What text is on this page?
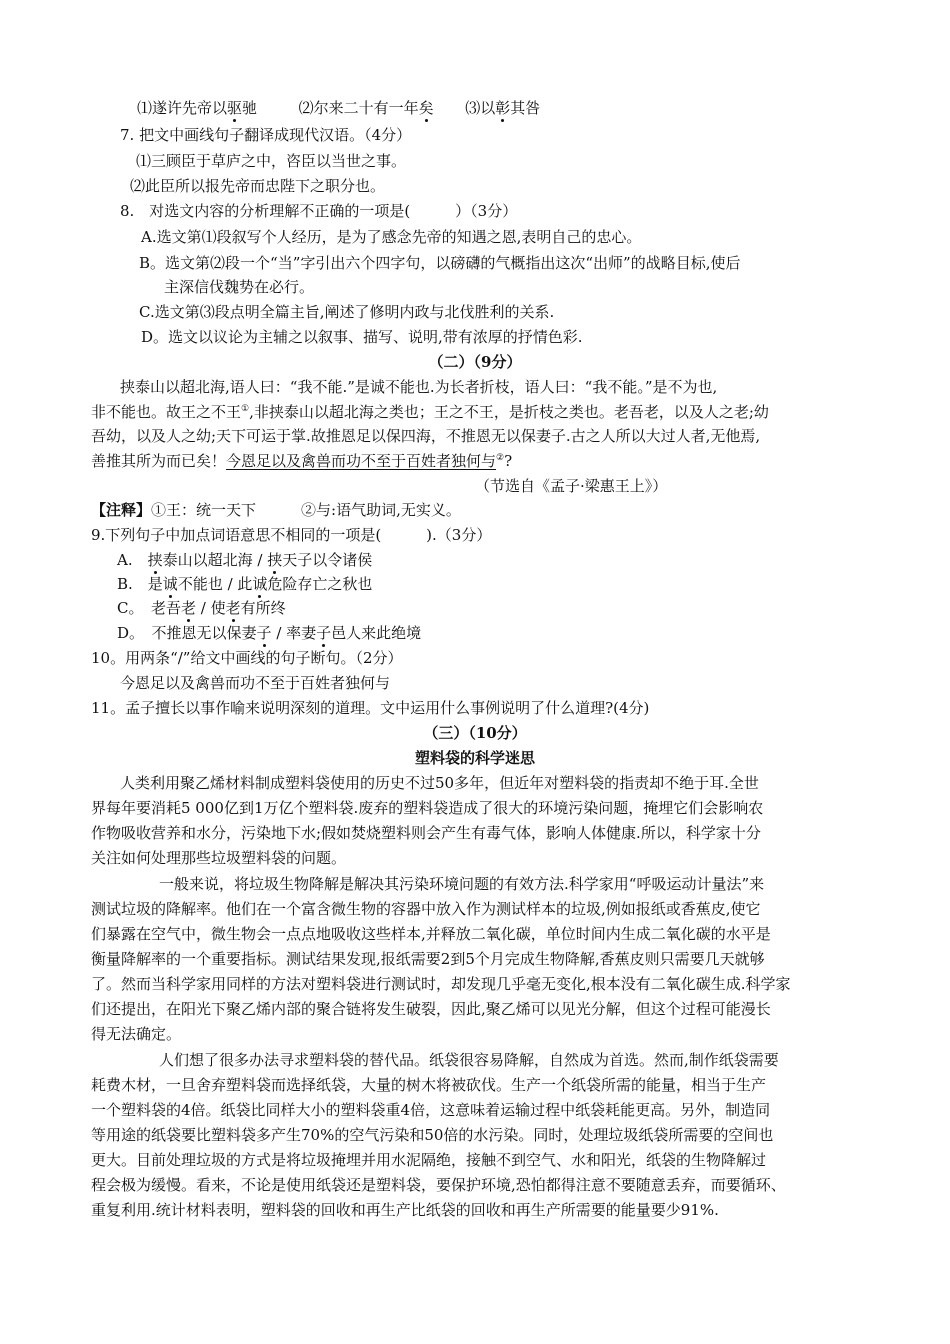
⑴遂许先帝以驱驰	⑵尔来二十有一年矣 ⑶以彰其咎
7. 把文中画线句子翻译成现代汉语。（4分）
⑴三顾臣于草庐之中，咨臣以当世之事。
⑵此臣所以报先帝而忠陛下之职分也。
8.　对选文内容的分析理解不正确的一项是(　　　）（3分）
A.选文第⑴段叙写个人经历，是为了感念先帝的知遇之恩,表明自己的忠心。
B。选文第⑵段一个“当”字引出六个四字句，以磅礴的气概指出这次“出师”的战略目标,使后
主深信伐魏势在必行。
C.选文第⑶段点明全篇主旨,阐述了修明内政与北伐胜利的关系.
D。选文以议论为主辅之以叙事、描写、说明,带有浓厚的抒情色彩.
（二）（9分）
挟泰山以超北海,语人曰：“我不能.”是诚不能也.为长者折枝，语人曰：“我不能。”是不为也,
非不能也。故王之不王①,非挟泰山以超北海之类也；王之不王，是折枝之类也。老吾老，以及人之老;幼
吾幼，以及人之幼;天下可运于掌.故推恩足以保四海，不推恩无以保妻子.古之人所以大过人者,无他焉,
善推其所为而已矣！今恩足以及禽兽而功不至于百姓者独何与②?
（节选自《孟子·梁惠王上》）
【注释】①王：统一天下　　　②与:语气助词,无实义。
9.下列句子中加点词语意思不相同的一项是(　　　).（3分）
A.　挟泰山以超北海 / 挟天子以令诸侯
B.　是诚不能也 / 此诚危险存亡之秋也
C。　老吾老 / 使老有所终
D。　不推恩无以保妻子 / 率妻子邑人来此绝境
10。用两条“/”给文中画线的句子断句。（2分）
今恩足以及禽兽而功不至于百姓者独何与
11。孟子擅长以事作喻来说明深刻的道理。文中运用什么事例说明了什么道理?(4分)
（三）（10分）
塑料袋的科学迷思
人类利用聚乙烯材料制成塑料袋使用的历史不过50多年，但近年对塑料袋的指责却不绝于耳.全世
界每年要消耗5 000亿到1万亿个塑料袋.废弃的塑料袋造成了很大的环境污染问题，掩埋它们会影响农
作物吸收营养和水分，污染地下水;假如焚烧塑料则会产生有毒气体，影响人体健康.所以，科学家十分
关注如何处理那些垃圾塑料袋的问题。
一般来说，将垃圾生物降解是解决其污染环境问题的有效方法.科学家用“呼吸运动计量法”来
测试垃圾的降解率。他们在一个富含微生物的容器中放入作为测试样本的垃圾,例如报纸或香蕉皮,使它
们暴露在空气中，微生物会一点点地吸收这些样本,并释放二氧化碳，单位时间内生成二氧化碳的水平是
衡量降解率的一个重要指标。测试结果发现,报纸需要2到5个月完成生物降解,香蕉皮则只需要几天就够
了。然而当科学家用同样的方法对塑料袋进行测试时，却发现几乎毫无变化,根本没有二氧化碳生成.科学家
们还提出，在阳光下聚乙烯内部的聚合链将发生破裂，因此,聚乙烯可以见光分解，但这个过程可能漫长
得无法确定。
人们想了很多办法寻求塑料袋的替代品。纸袋很容易降解，自然成为首选。然而,制作纸袋需要
耗费木材，一旦舍弃塑料袋而选择纸袋，大量的树木将被砍伐。生产一个纸袋所需的能量，相当于生产
一个塑料袋的4倍。纸袋比同样大小的塑料袋重4倍，这意味着运输过程中纸袋耗能更高。另外，制造同
等用途的纸袋要比塑料袋多产生70%的空气污染和50倍的水污染。同时，处理垃圾纸袋所需要的空间也
更大。目前处理垃圾的方式是将垃圾掩埋并用水泥隔绝，接触不到空气、水和阳光，纸袋的生物降解过
程会极为缓慢。看来，不论是使用纸袋还是塑料袋，要保护环境,恐怕都得注意不要随意丢弃，而要循环、
重复利用.统计材料表明，塑料袋的回收和再生产比纸袋的回收和再生产所需要的能量要少91%.
